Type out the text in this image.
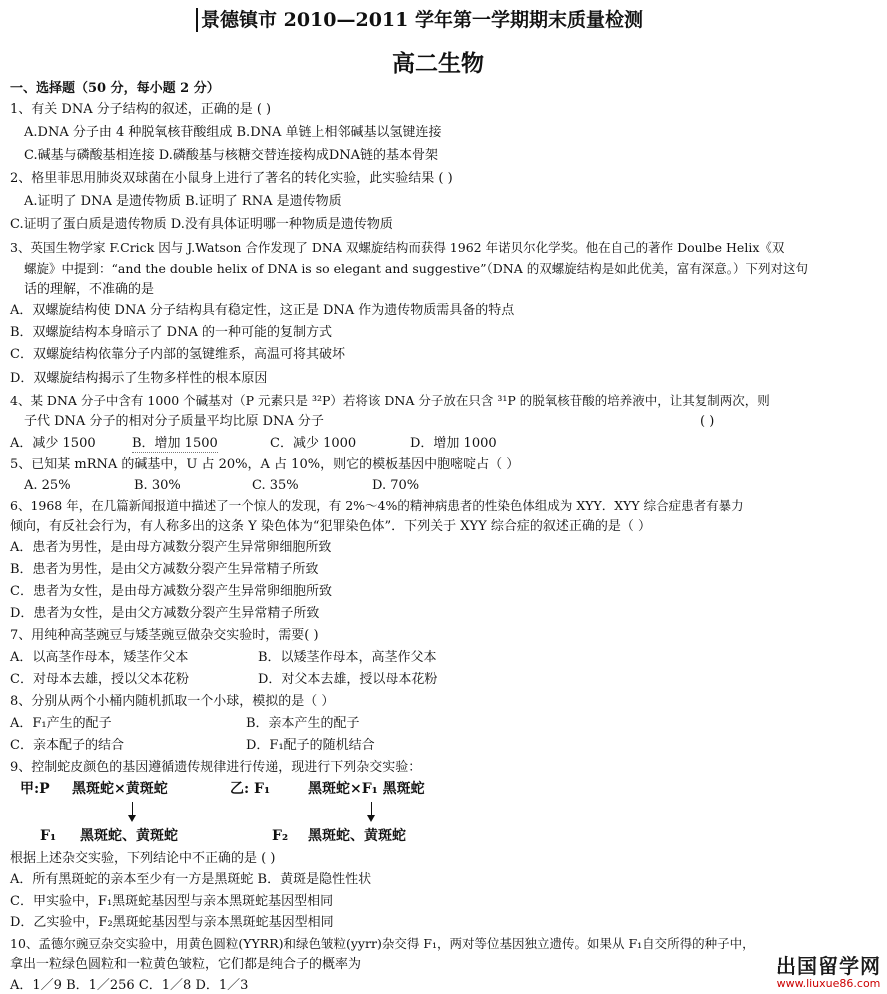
景德镇市 2010—2011 学年第一学期期末质量检测
高二生物
一、选择题（50 分，每小题 2 分）
1、有关 DNA 分子结构的叙述，正确的是 ( )
A.DNA 分子由 4 种脱氧核苷酸组成 B.DNA 单链上相邻碱基以氢键连接
C.碱基与磷酸基相连接 D.磷酸基与核糖交替连接构成DNA链的基本骨架
2、格里菲思用肺炎双球菌在小鼠身上进行了著名的转化实验，此实验结果 ( )
A.证明了 DNA 是遗传物质 B.证明了 RNA 是遗传物质
C.证明了蛋白质是遗传物质 D.没有具体证明哪一种物质是遗传物质
3、英国生物学家 F.Crick 因与 J.Watson 合作发现了 DNA 双螺旋结构而获得 1962 年诺贝尔化学奖。他在自己的著作 Doulbe Helix《双
螺旋》中提到：“and the double helix of DNA is so elegant and suggestive”（DNA 的双螺旋结构是如此优美，富有深意。）下列对这句
话的理解，不准确的是
A．双螺旋结构使 DNA 分子结构具有稳定性，这正是 DNA 作为遗传物质需具备的特点
B．双螺旋结构本身暗示了 DNA 的一种可能的复制方式
C．双螺旋结构依靠分子内部的氢键维系，高温可将其破坏
D．双螺旋结构揭示了生物多样性的根本原因
4、某 DNA 分子中含有 1000 个碱基对（P 元素只是 ³²P）若将该 DNA 分子放在只含 ³¹P 的脱氧核苷酸的培养液中，让其复制两次，则
子代 DNA 分子的相对分子质量平均比原 DNA 分子	( )
A．减少 1500	B．增加 1500	C．减少 1000	D．增加 1000
5、已知某 mRNA 的碱基中，U 占 20%，A 占 10%，则它的模板基因中胞嘧啶占（ ）
A. 25%	B. 30%	C. 35%	D. 70%
6、1968 年，在几篇新闻报道中描述了一个惊人的发现，有 2%～4%的精神病患者的性染色体组成为 XYY．XYY 综合症患者有暴力
倾向，有反社会行为，有人称多出的这条 Y 染色体为“犯罪染色体”．下列关于 XYY 综合症的叙述正确的是（ ）
A．患者为男性，是由母方减数分裂产生异常卵细胞所致
B．患者为男性，是由父方减数分裂产生异常精子所致
C．患者为女性，是由母方减数分裂产生异常卵细胞所致
D．患者为女性，是由父方减数分裂产生异常精子所致
7、用纯种高茎豌豆与矮茎豌豆做杂交实验时，需要( )
A．以高茎作母本，矮茎作父本	B．以矮茎作母本，高茎作父本
C．对母本去雄，授以父本花粉	D．对父本去雄，授以母本花粉
8、分别从两个小桶内随机抓取一个小球，模拟的是（ ）
A．F₁产生的配子	B．亲本产生的配子
C．亲本配子的结合	D．F₁配子的随机结合
9、控制蛇皮颜色的基因遵循遗传规律进行传递，现进行下列杂交实验：
甲:P 黑斑蛇×黄斑蛇	乙: F₁	黑斑蛇×F₁ 黑斑蛇
F₁ 黑斑蛇、黄斑蛇	F₂ 黑斑蛇、黄斑蛇
根据上述杂交实验，下列结论中不正确的是 ( )
A．所有黑斑蛇的亲本至少有一方是黑斑蛇 B．黄斑是隐性性状
C．甲实验中，F₁黑斑蛇基因型与亲本黑斑蛇基因型相同
D．乙实验中，F₂黑斑蛇基因型与亲本黑斑蛇基因型相同
10、孟德尔豌豆杂交实验中，用黄色圆粒(YYRR)和绿色皱粒(yyrr)杂交得 F₁，两对等位基因独立遗传。如果从 F₁自交所得的种子中，
拿出一粒绿色圆粒和一粒黄色皱粒，它们都是纯合子的概率为
A．1／9 B．1／256 C．1／8 D．1／3
出国留学网
www.liuxue86.com
